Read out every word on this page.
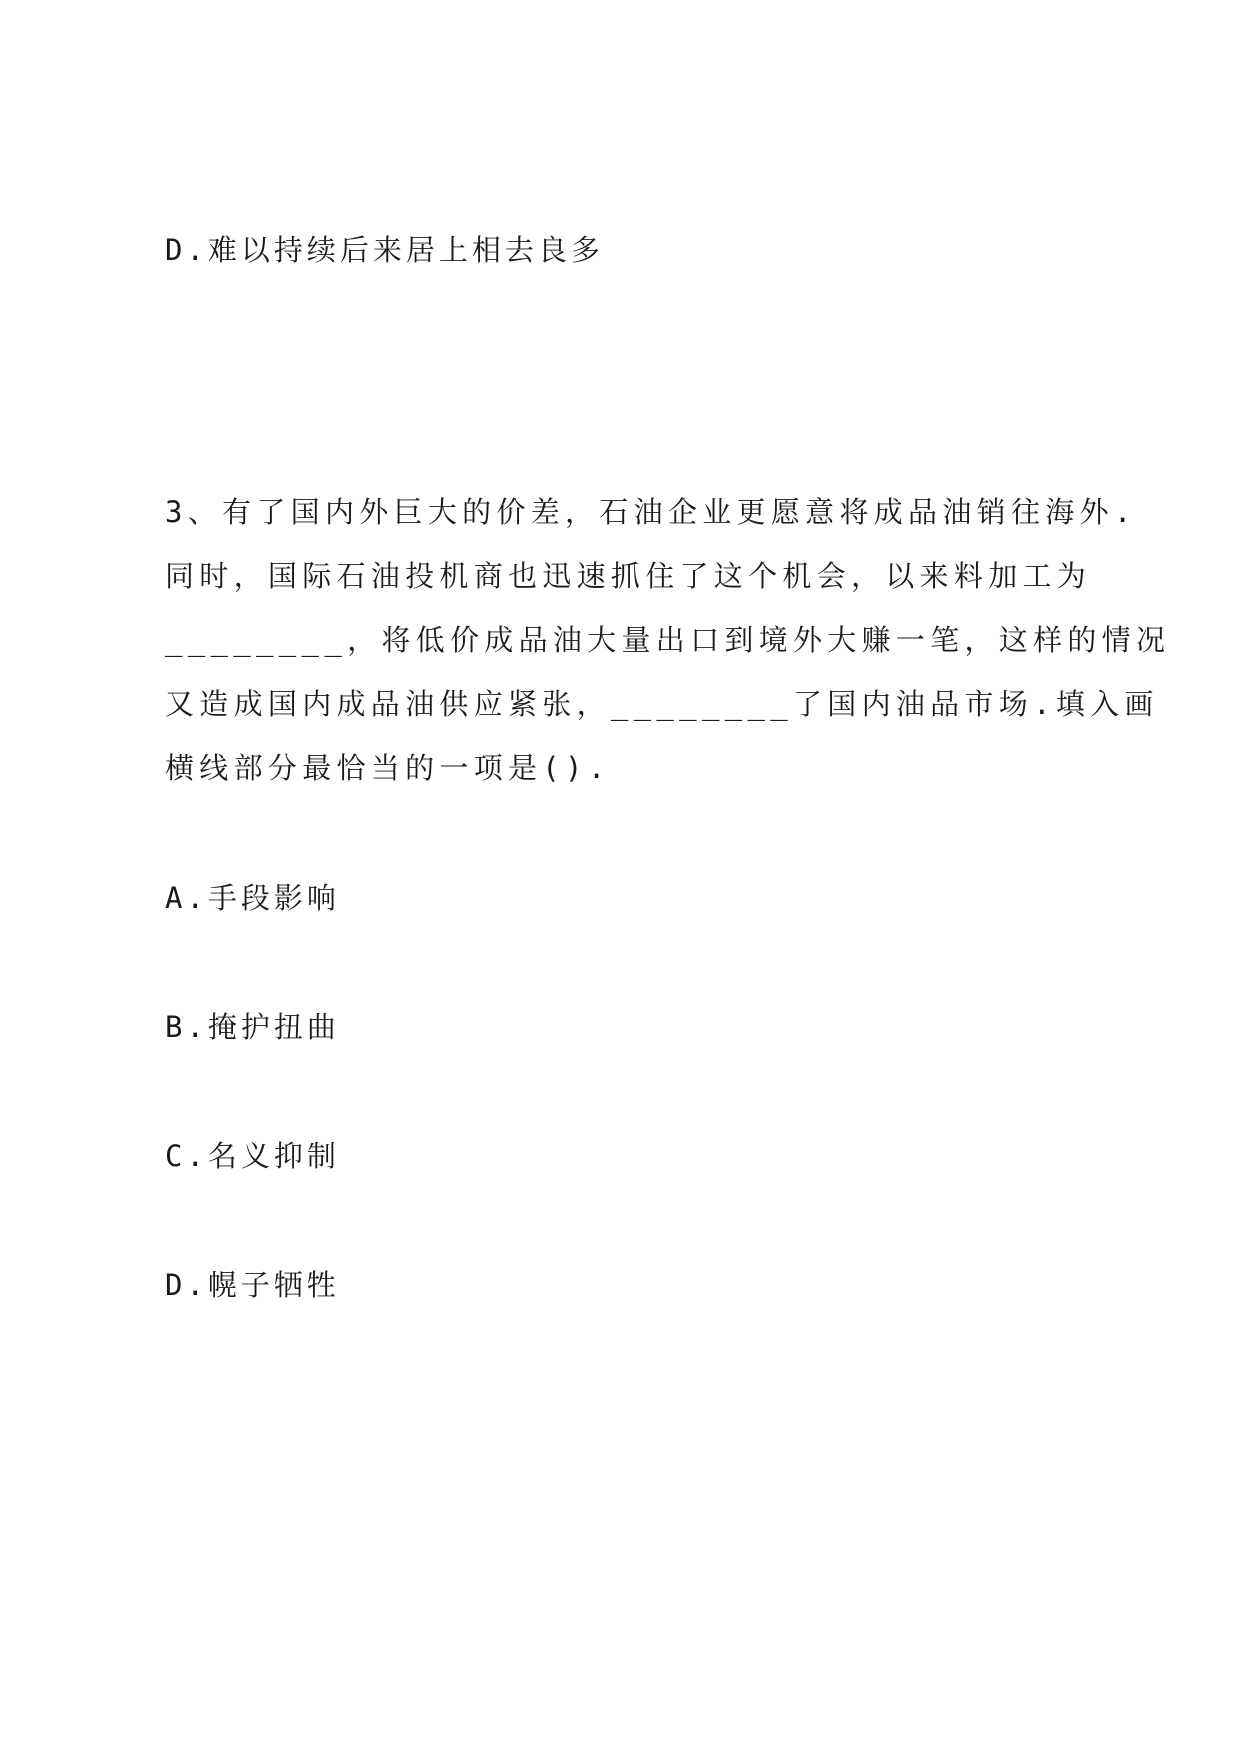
D.难以持续后来居上相去良多
3、有了国内外巨大的价差，石油企业更愿意将成品油销往海外.
同时，国际石油投机商也迅速抓住了这个机会，以来料加工为
________，将低价成品油大量出口到境外大赚一笔，这样的情况
又造成国内成品油供应紧张，________了国内油品市场.填入画
横线部分最恰当的一项是().
A.手段影响
B.掩护扭曲
C.名义抑制
D.幌子牺牲
